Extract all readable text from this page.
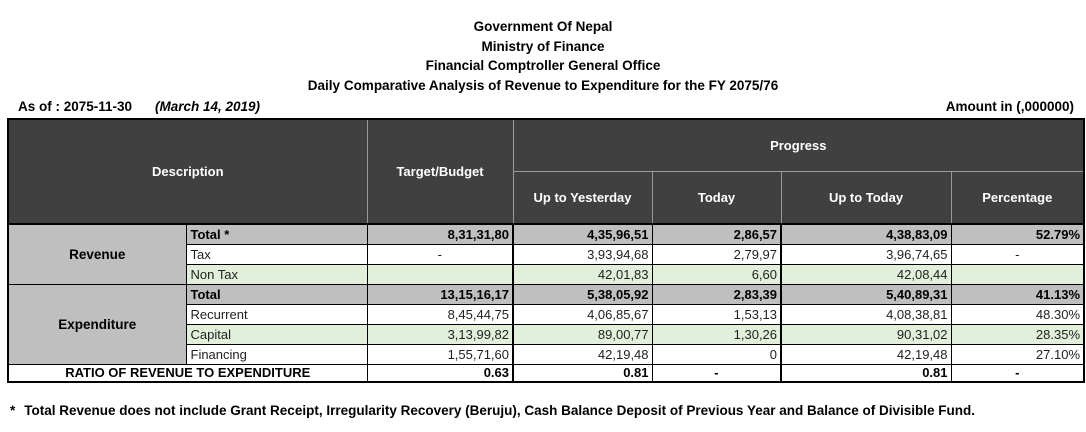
Government Of Nepal
Ministry of Finance
Financial Comptroller General Office
Daily Comparative Analysis of Revenue to Expenditure for the FY 2075/76
As of : 2075-11-30 (March 14, 2019)	Amount in (,000000)
Description		Target/Budget	Progress			
			Up to Yesterday	Today	Up to Today	Percentage
Revenue	Total *	8,31,31,80	4,35,96,51	2,86,57	4,38,83,09	52.79%
	Tax	-	3,93,94,68	2,79,97	3,96,74,65	-
	Non Tax		42,01,83	6,60	42,08,44	
Expenditure	Total	13,15,16,17	5,38,05,92	2,83,39	5,40,89,31	41.13%
	Recurrent	8,45,44,75	4,06,85,67	1,53,13	4,08,38,81	48.30%
	Capital	3,13,99,82	89,00,77	1,30,26	90,31,02	28.35%
	Financing	1,55,71,60	42,19,48	0	42,19,48	27.10%
RATIO OF REVENUE TO EXPENDITURE		0.63	0.81	-	0.81	-
* Total Revenue does not include Grant Receipt, Irregularity Recovery (Beruju), Cash Balance Deposit of Previous Year and Balance of Divisible Fund.
